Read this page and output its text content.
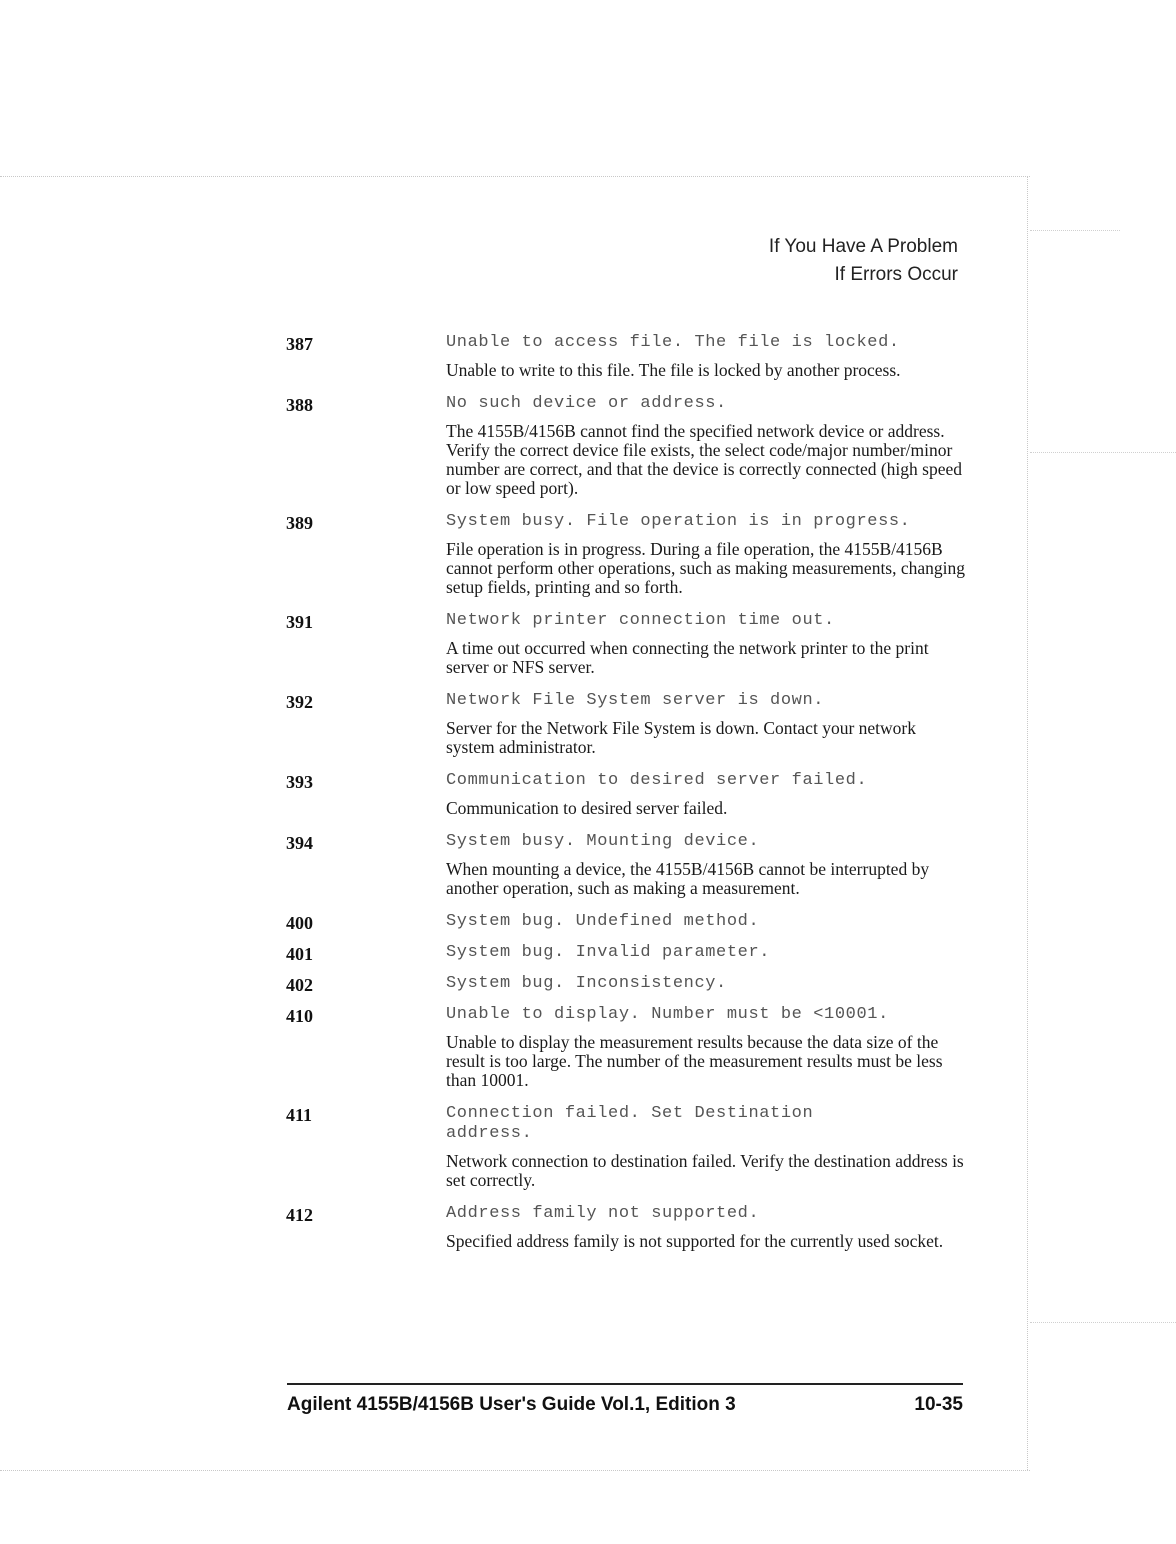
If You Have A Problem
If Errors Occur
387	Unable to access file. The file is locked.
Unable to write to this file. The file is locked by another process.
388	No such device or address.
The 4155B/4156B cannot find the specified network device or address. Verify the correct device file exists, the select code/major number/minor number are correct, and that the device is correctly connected (high speed or low speed port).
389	System busy. File operation is in progress.
File operation is in progress. During a file operation, the 4155B/4156B cannot perform other operations, such as making measurements, changing setup fields, printing and so forth.
391	Network printer connection time out.
A time out occurred when connecting the network printer to the print server or NFS server.
392	Network File System server is down.
Server for the Network File System is down. Contact your network system administrator.
393	Communication to desired server failed.
Communication to desired server failed.
394	System busy. Mounting device.
When mounting a device, the 4155B/4156B cannot be interrupted by another operation, such as making a measurement.
400	System bug. Undefined method.
401	System bug. Invalid parameter.
402	System bug. Inconsistency.
410	Unable to display. Number must be <10001.
Unable to display the measurement results because the data size of the result is too large. The number of the measurement results must be less than 10001.
411	Connection failed. Set Destination address.
Network connection to destination failed. Verify the destination address is set correctly.
412	Address family not supported.
Specified address family is not supported for the currently used socket.
Agilent 4155B/4156B User's Guide Vol.1, Edition 3	10-35
